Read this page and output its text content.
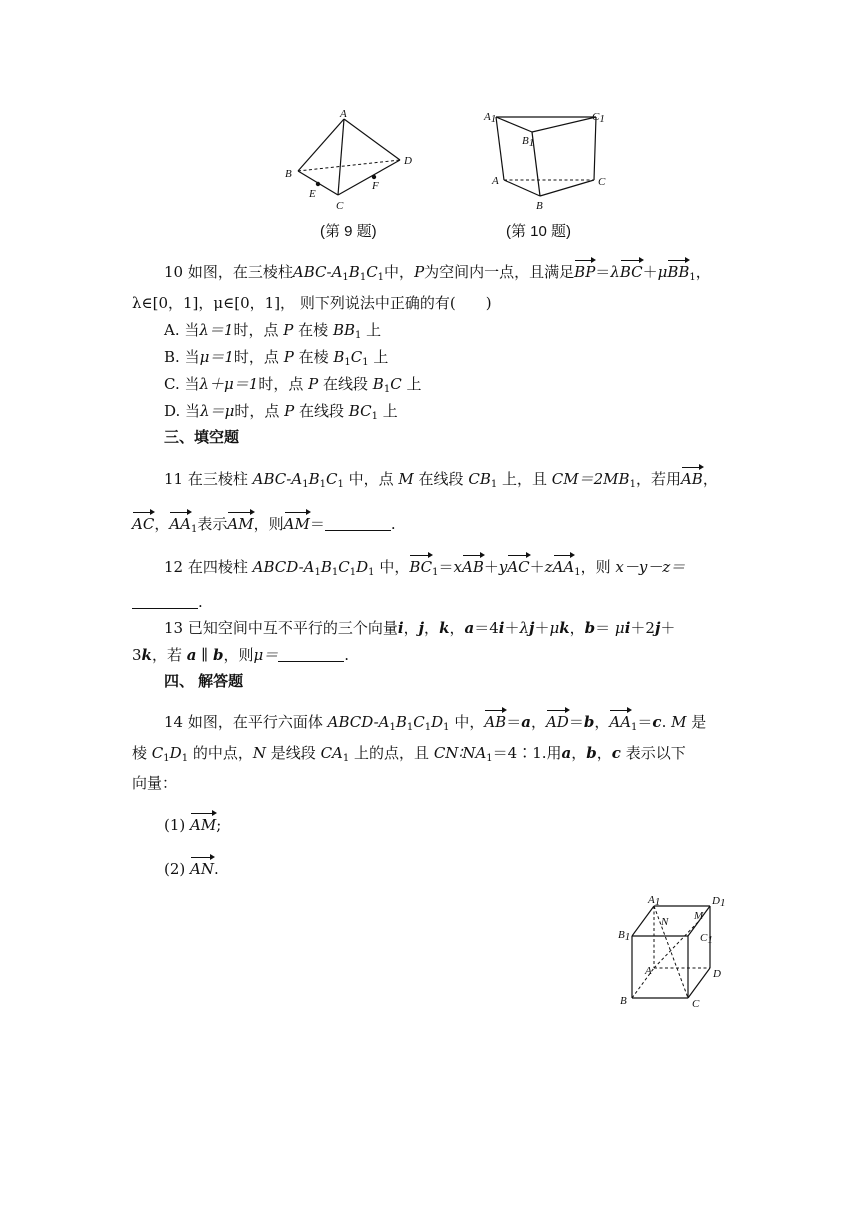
A
B
C
D
E
F
(第 9 题)
A1
B1
C1
A
B
C
(第 10 题)
10 如图，在三棱柱ABC-$A_1B_1C_1$中，P为空间内一点，且满足BP＝λBC＋μBB$_1$，
λ∈[0，1]，μ∈[0，1]， 则下列说法中正确的有(　　)
A. 当λ＝1时，点 P 在棱 $BB_1$ 上
B. 当μ＝1时，点 P 在棱 $B_1C_1$ 上
C. 当λ＋μ＝1时，点 P 在线段 $B_1C$ 上
D. 当λ＝μ时，点 P 在线段 $BC_1$ 上
三、填空题
11 在三棱柱 ABC-$A_1B_1C_1$ 中，点 M 在线段 $CB_1$ 上，且 $CM=2MB_1$，若用AB，
AC，$AA_1$表示AM，则AM＝	.
12 在四棱柱 ABCD-$A_1B_1C_1D_1$ 中，$BC_1=xAB+yAC+zAA_1$，则 x－y－z＝
.
13 已知空间中互不平行的三个向量i，j，k，a＝4i＋λj＋μk，b＝ μi＋2j＋
3k，若 a ∥ b，则μ＝	.
四、 解答题
14 如图，在平行六面体 ABCD-$A_1B_1C_1D_1$ 中，AB＝a，AD＝b，$AA_1=c$. M 是
棱 $C_1D_1$ 的中点，N 是线段 $CA_1$ 上的点，且 $CN∶NA_1=4∶1$.用a，b，c 表示以下
向量：
(1) AM;
(2) AN.
A1	D1
B1	C1
N M
A	D
B	C
